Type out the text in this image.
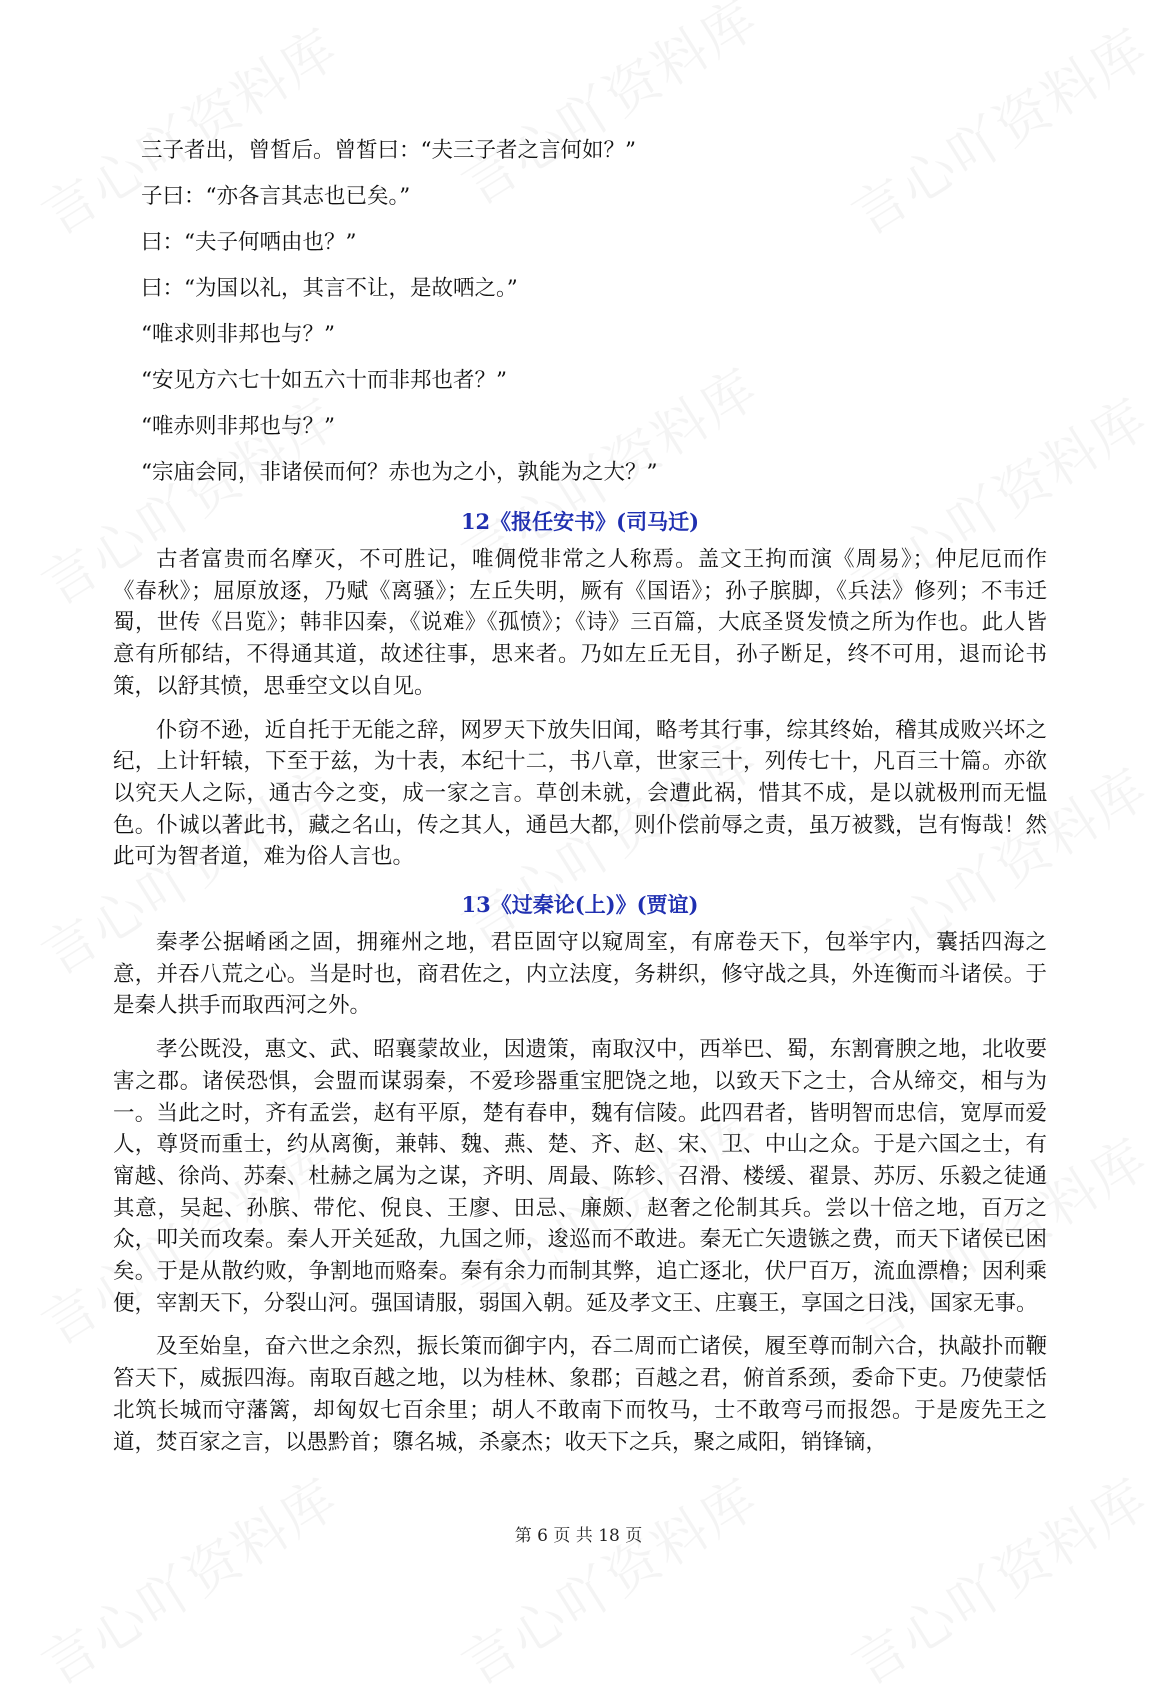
三子者出，曾皙后。曾皙曰：“夫三子者之言何如？”
子曰：“亦各言其志也已矣。”
曰：“夫子何哂由也？”
曰：“为国以礼，其言不让，是故哂之。”
“唯求则非邦也与？”
“安见方六七十如五六十而非邦也者？”
“唯赤则非邦也与？”
“宗庙会同，非诸侯而何？赤也为之小，孰能为之大？”
12《报任安书》(司马迁)

古者富贵而名摩灭，不可胜记，唯倜傥非常之人称焉。盖文王拘而演《周易》；仲尼厄而作《春秋》；屈原放逐，乃赋《离骚》；左丘失明，厥有《国语》；孙子膑脚，《兵法》修列；不韦迁蜀，世传《吕览》；韩非囚秦，《说难》《孤愤》；《诗》三百篇，大底圣贤发愤之所为作也。此人皆意有所郁结，不得通其道，故述往事，思来者。乃如左丘无目，孙子断足，终不可用，退而论书策，以舒其愤，思垂空文以自见。

仆窃不逊，近自托于无能之辞，网罗天下放失旧闻，略考其行事，综其终始，稽其成败兴坏之纪，上计轩辕，下至于兹，为十表，本纪十二，书八章，世家三十，列传七十，凡百三十篇。亦欲以究天人之际，通古今之变，成一家之言。草创未就，会遭此祸，惜其不成，是以就极刑而无愠色。仆诚以著此书，藏之名山，传之其人，通邑大都，则仆偿前辱之责，虽万被戮，岂有悔哉！然此可为智者道，难为俗人言也。

13《过秦论(上)》(贾谊)

秦孝公据崤函之固，拥雍州之地，君臣固守以窥周室，有席卷天下，包举宇内，囊括四海之意，并吞八荒之心。当是时也，商君佐之，内立法度，务耕织，修守战之具，外连衡而斗诸侯。于是秦人拱手而取西河之外。

孝公既没，惠文、武、昭襄蒙故业，因遗策，南取汉中，西举巴、蜀，东割膏腴之地，北收要害之郡。诸侯恐惧，会盟而谋弱秦，不爱珍器重宝肥饶之地，以致天下之士，合从缔交，相与为一。当此之时，齐有孟尝，赵有平原，楚有春申，魏有信陵。此四君者，皆明智而忠信，宽厚而爱人，尊贤而重士，约从离衡，兼韩、魏、燕、楚、齐、赵、宋、卫、中山之众。于是六国之士，有甯越、徐尚、苏秦、杜赫之属为之谋，齐明、周最、陈轸、召滑、楼缓、翟景、苏厉、乐毅之徒通其意，吴起、孙膑、带佗、倪良、王廖、田忌、廉颇、赵奢之伦制其兵。尝以十倍之地，百万之众，叩关而攻秦。秦人开关延敌，九国之师，逡巡而不敢进。秦无亡矢遗镞之费，而天下诸侯已困矣。于是从散约败，争割地而赂秦。秦有余力而制其弊，追亡逐北，伏尸百万，流血漂橹；因利乘便，宰割天下，分裂山河。强国请服，弱国入朝。延及孝文王、庄襄王，享国之日浅，国家无事。

及至始皇，奋六世之余烈，振长策而御宇内，吞二周而亡诸侯，履至尊而制六合，执敲扑而鞭笞天下，威振四海。南取百越之地，以为桂林、象郡；百越之君，俯首系颈，委命下吏。乃使蒙恬北筑长城而守藩篱，却匈奴七百余里；胡人不敢南下而牧马，士不敢弯弓而报怨。于是废先王之道，焚百家之言，以愚黔首；隳名城，杀豪杰；收天下之兵，聚之咸阳，销锋镝，

第 6 页 共 18 页
